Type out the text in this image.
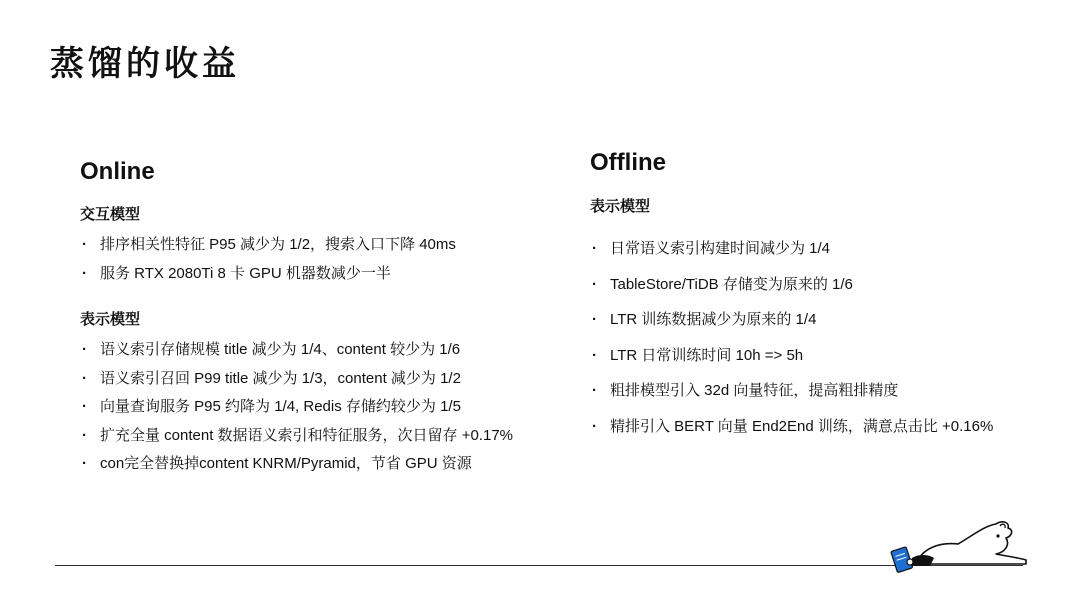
蒸馏的收益
Online
交互模型
· 排序相关性特征 P95 减少为 1/2，搜索入口下降 40ms
· 服务 RTX 2080Ti 8 卡 GPU 机器数减少一半
表示模型
· 语义索引存储规模 title 减少为 1/4、content 较少为 1/6
· 语义索引召回 P99 title 减少为 1/3，content 减少为 1/2
· 向量查询服务 P95 约降为 1/4, Redis 存储约较少为 1/5
· 扩充全量 content 数据语义索引和特征服务，次日留存 +0.17%
· con完全替换掉content KNRM/Pyramid，节省 GPU 资源
Offline
表示模型
· 日常语义索引构建时间减少为 1/4
· TableStore/TiDB 存储变为原来的 1/6
· LTR 训练数据减少为原来的 1/4
· LTR 日常训练时间 10h => 5h
· 粗排模型引入 32d 向量特征，提高粗排精度
· 精排引入 BERT 向量 End2End 训练，满意点击比 +0.16%
